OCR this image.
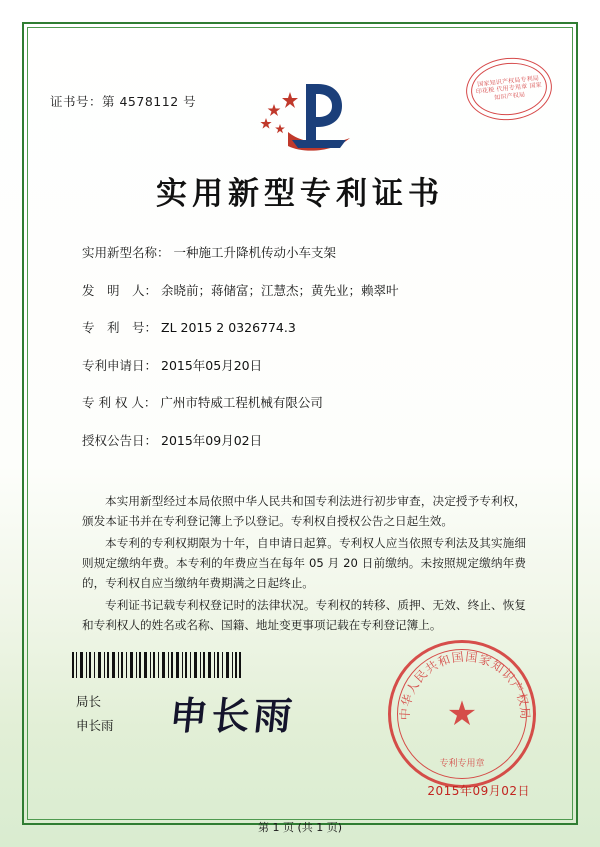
证书号：第 4578112 号
国家知识产权局专利局 印花税 代用专用章 国家知识产权局
实用新型专利证书
实用新型名称： 一种施工升降机传动小车支架
发　明　人： 余晓前；蒋储富；江慧杰；黄先业；赖翠叶
专　利　号： ZL 2015 2 0326774.3
专利申请日： 2015年05月20日
专 利 权 人： 广州市特威工程机械有限公司
授权公告日： 2015年09月02日

本实用新型经过本局依照中华人民共和国专利法进行初步审查，决定授予专利权，颁发本证书并在专利登记簿上予以登记。专利权自授权公告之日起生效。

本专利的专利权期限为十年，自申请日起算。专利权人应当依照专利法及其实施细则规定缴纳年费。本专利的年费应当在每年 05 月 20 日前缴纳。未按照规定缴纳年费的，专利权自应当缴纳年费期满之日起终止。

专利证书记载专利权登记时的法律状况。专利权的转移、质押、无效、终止、恢复和专利权人的姓名或名称、国籍、地址变更事项记载在专利登记簿上。

局长
申长雨 申长雨	中华人民共和国国家知识产权局
★
专利专用章
2015年09月02日
第 1 页 (共 1 页)
